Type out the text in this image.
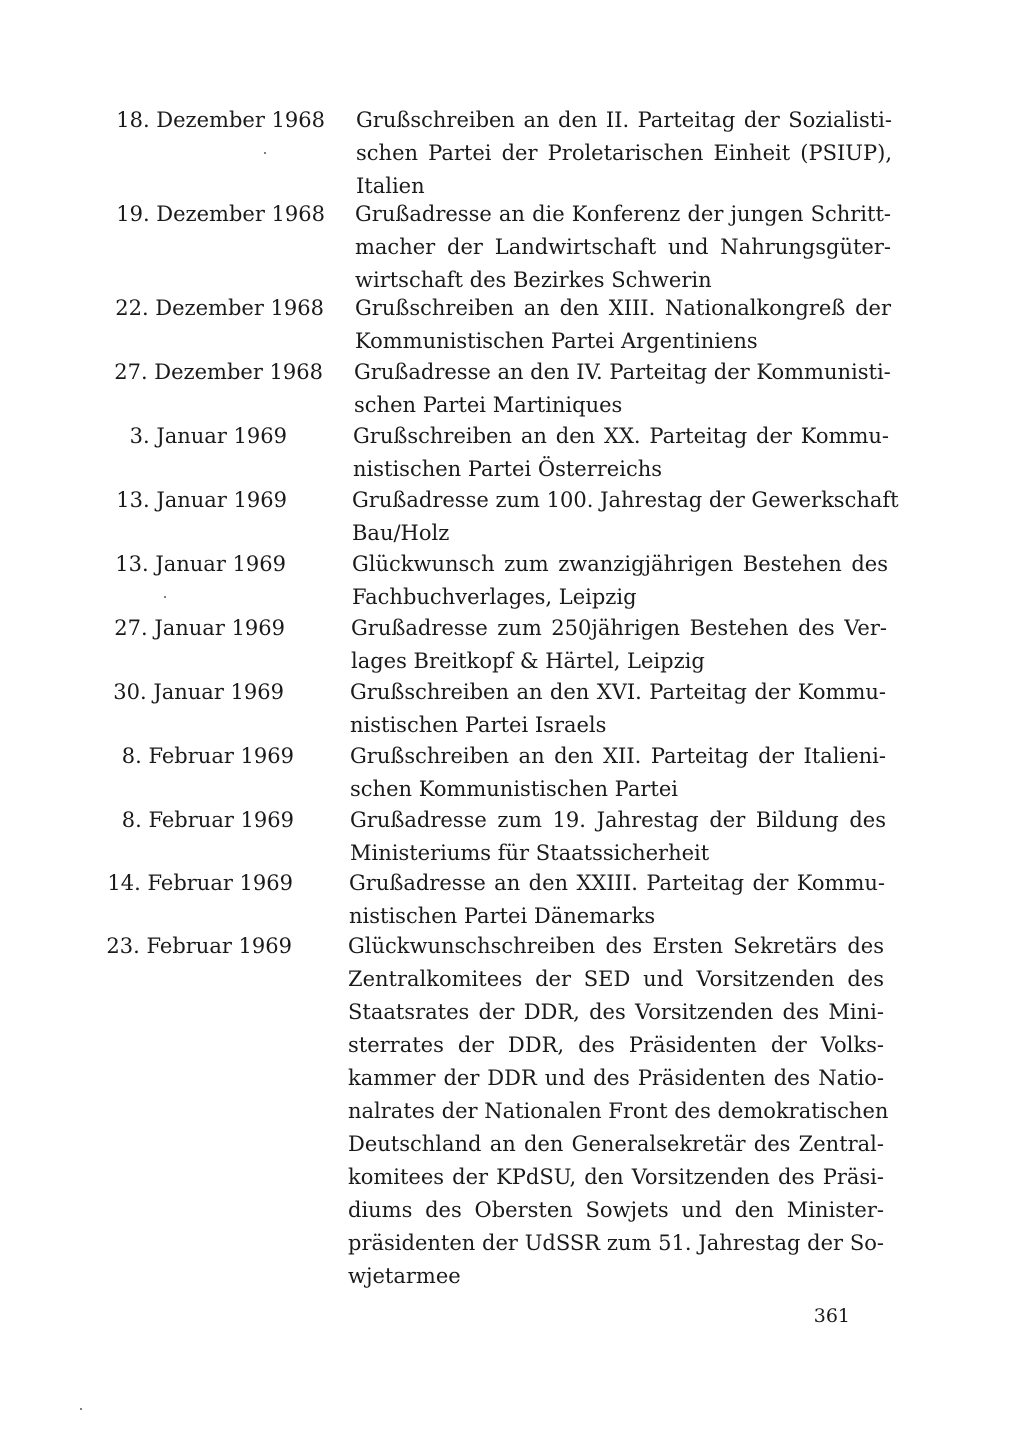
18. Dezember 1968 Grußschreiben an den II. Parteitag der Sozialisti-
schen Partei der Proletarischen Einheit (PSIUP),
Italien
19. Dezember 1968 Grußadresse an die Konferenz der jungen Schritt-
macher der Landwirtschaft und Nahrungsgüter-
wirtschaft des Bezirkes Schwerin
22. Dezember 1968 Grußschreiben an den XIII. Nationalkongreß der
Kommunistischen Partei Argentiniens
27. Dezember 1968 Grußadresse an den IV. Parteitag der Kommunisti-
schen Partei Martiniques
3. Januar 1969	Grußschreiben an den XX. Parteitag der Kommu-
nistischen Partei Österreichs
13. Januar 1969	Grußadresse zum 100. Jahrestag der Gewerkschaft
Bau/Holz
13. Januar 1969	Glückwunsch zum zwanzigjährigen Bestehen des
Fachbuchverlages, Leipzig
27. Januar 1969	Grußadresse zum 250jährigen Bestehen des Ver-
lages Breitkopf & Härtel, Leipzig
30. Januar 1969	Grußschreiben an den XVI. Parteitag der Kommu-
nistischen Partei Israels
8. Februar 1969	Grußschreiben an den XII. Parteitag der Italieni-
schen Kommunistischen Partei
8. Februar 1969	Grußadresse zum 19. Jahrestag der Bildung des
Ministeriums für Staatssicherheit
14. Februar 1969	Grußadresse an den XXIII. Parteitag der Kommu-
nistischen Partei Dänemarks
23. Februar 1969	Glückwunschschreiben des Ersten Sekretärs des
Zentralkomitees der SED und Vorsitzenden des
Staatsrates der DDR, des Vorsitzenden des Mini-
sterrates der DDR, des Präsidenten der Volks-
kammer der DDR und des Präsidenten des Natio-
nalrates der Nationalen Front des demokratischen
Deutschland an den Generalsekretär des Zentral-
komitees der KPdSU, den Vorsitzenden des Präsi-
diums des Obersten Sowjets und den Minister-
präsidenten der UdSSR zum 51. Jahrestag der So-
wjetarmee
361
